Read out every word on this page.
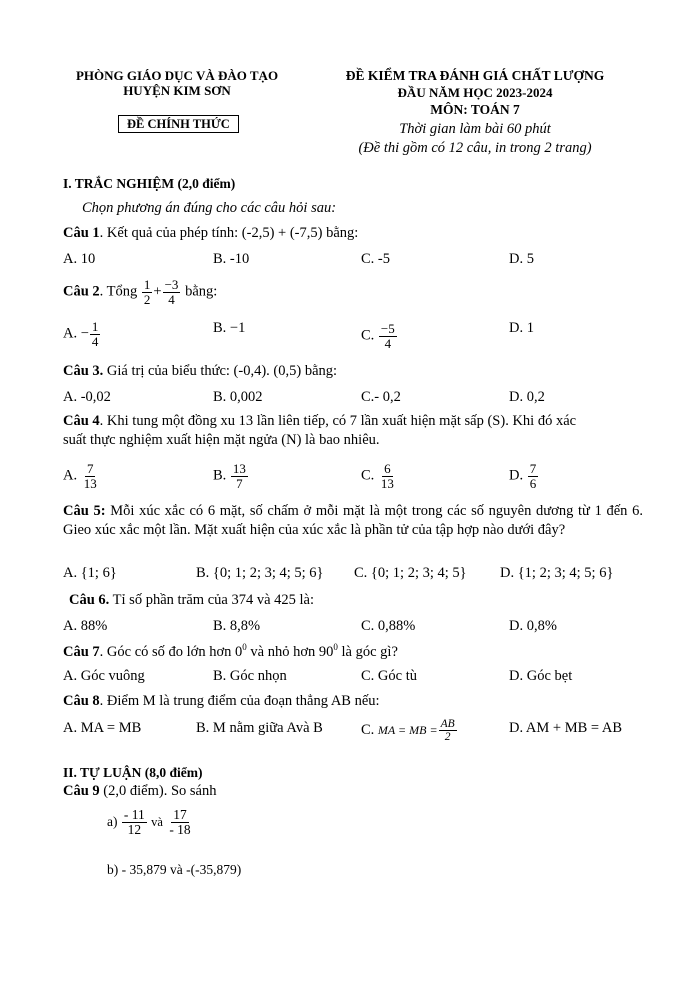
PHÒNG GIÁO DỤC VÀ ĐÀO TẠO
HUYỆN KIM SƠN
ĐỀ CHÍNH THỨC
ĐỀ KIỂM TRA ĐÁNH GIÁ CHẤT LƯỢNG
ĐẦU NĂM HỌC 2023-2024
MÔN: TOÁN 7
Thời gian làm bài 60 phút
(Đề thi gồm có 12 câu, in trong 2 trang)
I. TRẮC NGHIỆM (2,0 điểm)
Chọn phương án đúng cho các câu hỏi sau:
Câu 1. Kết quả của phép tính: (-2,5) + (-7,5) bằng:
A. 10	B. -10	C. -5	D. 5
Câu 2. Tổng $\frac{1}{2} + \frac{-3}{4}$ bằng:
A. − $\frac{1}{4}$	B. −1	C. $\frac{-5}{4}$	D. 1
Câu 3. Giá trị của biểu thức: (-0,4). (0,5) bằng:
A. -0,02	B. 0,002	C.- 0,2	D. 0,2
Câu 4. Khi tung một đồng xu 13 lần liên tiếp, có 7 lần xuất hiện mặt sấp (S). Khi đó xác
suất thực nghiệm xuất hiện mặt ngửa (N) là bao nhiêu.
A. $\frac{7}{13}$	B. $\frac{13}{7}$	C. $\frac{6}{13}$	D. $\frac{7}{6}$
Câu 5: Mỗi xúc xắc có 6 mặt, số chấm ở mỗi mặt là một trong các số nguyên dương từ 1 đến 6. Gieo xúc xắc một lần. Mặt xuất hiện của xúc xắc là phần tử của tập hợp nào dưới đây?
A. {1; 6}	B. {0; 1; 2; 3; 4; 5; 6} C. {0; 1; 2; 3; 4; 5} D. {1; 2; 3; 4; 5; 6}
Câu 6. Tỉ số phần trăm của 374 và 425 là:
A. 88%	B. 8,8%	C. 0,88%	D. 0,8%
Câu 7. Góc có số đo lớn hơn $0^0$ và nhỏ hơn $90^0$ là góc gì?
A. Góc vuông	B. Góc nhọn	C. Góc tù	D. Góc bẹt
Câu 8. Điểm M là trung điểm của đoạn thẳng AB nếu:
A. MA = MB	B. M nằm giữa Avà B	C. MA = MB = $\frac{AB}{2}$	D. AM + MB = AB
II. TỰ LUẬN (8,0 điểm)
Câu 9 (2,0 điểm). So sánh
$a) \frac{- 11}{12}$ và $\frac{17}{- 18}$
b) - 35,879 và -(-35,879)
